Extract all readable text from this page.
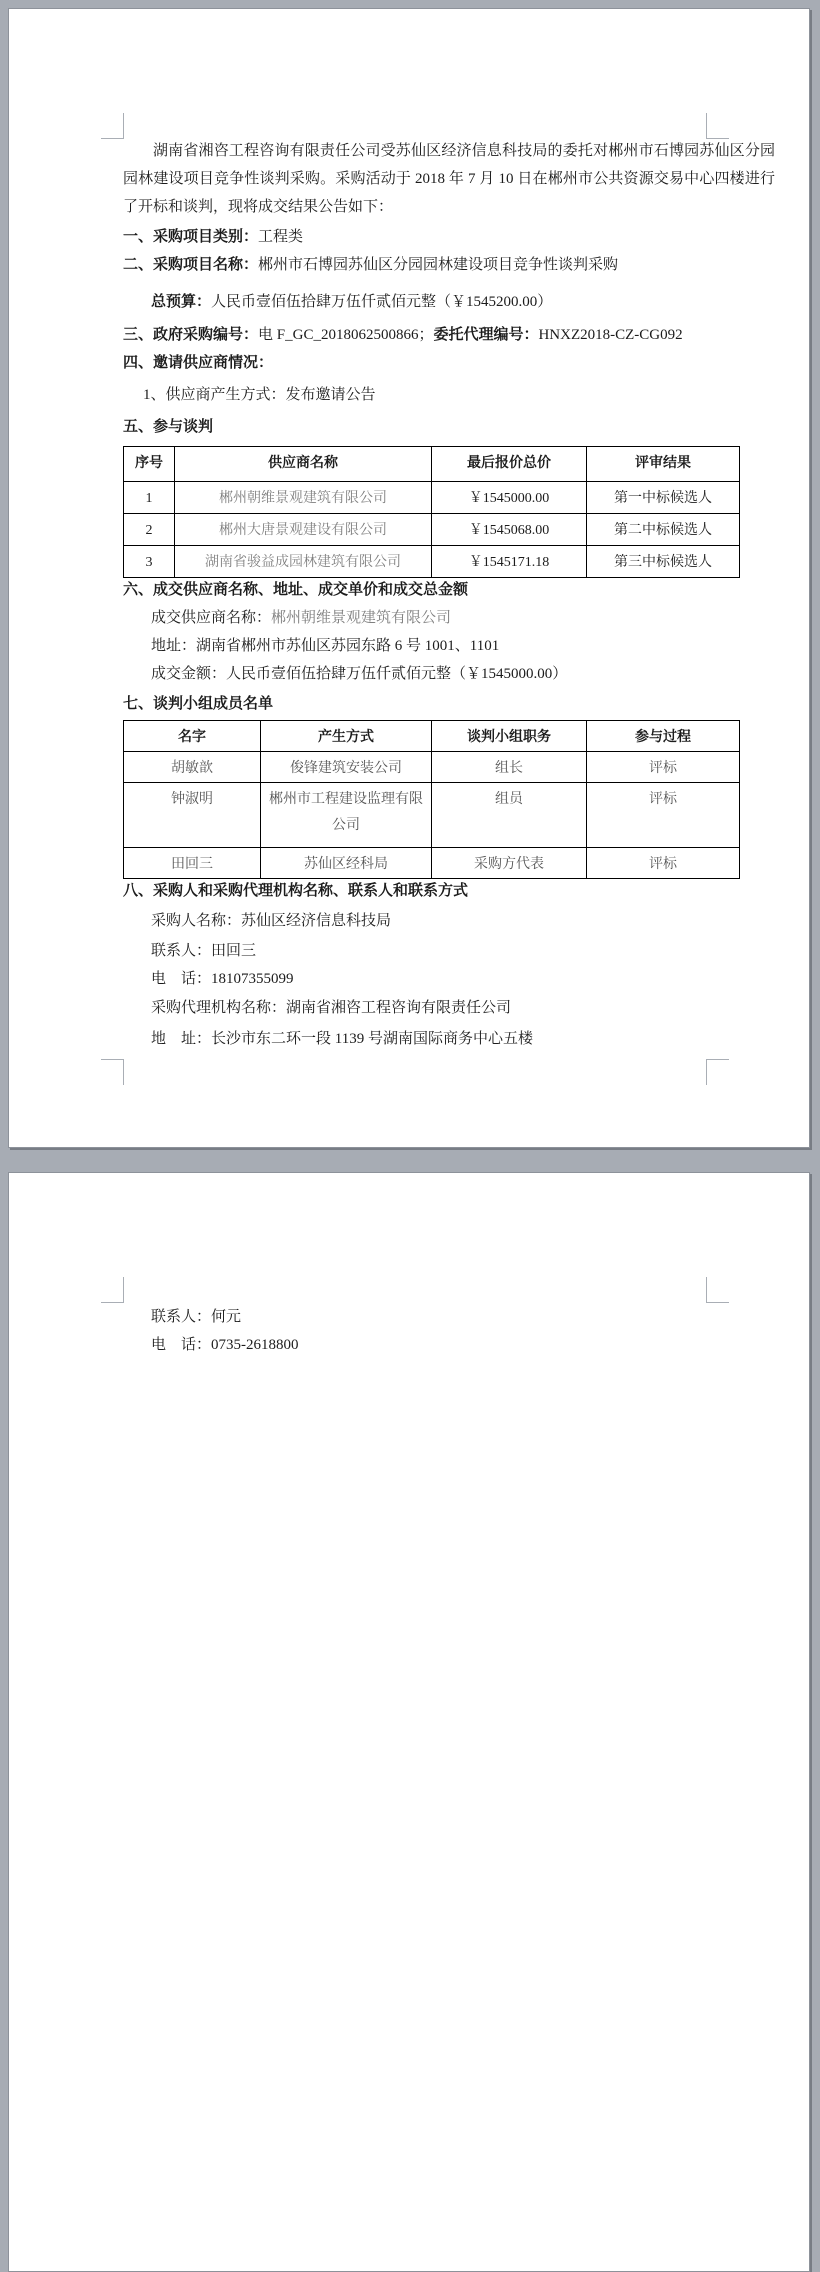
湖南省湘咨工程咨询有限责任公司受苏仙区经济信息科技局的委托对郴州市石博园苏仙区分园园林建设项目竞争性谈判采购。采购活动于 2018 年 7 月 10 日在郴州市公共资源交易中心四楼进行了开标和谈判，现将成交结果公告如下：

一、采购项目类别：工程类
二、采购项目名称：郴州市石博园苏仙区分园园林建设项目竞争性谈判采购
总预算：人民币壹佰伍拾肆万伍仟贰佰元整（￥1545200.00）
三、政府采购编号：电 F_GC_2018062500866；委托代理编号：HNXZ2018-CZ-CG092
四、邀请供应商情况：
1、供应商产生方式：发布邀请公告
五、参与谈判
序号	供应商名称	最后报价总价	评审结果
1	郴州朝维景观建筑有限公司	￥1545000.00	第一中标候选人
2	郴州大唐景观建设有限公司	￥1545068.00	第二中标候选人
3	湖南省骏益成园林建筑有限公司	￥1545171.18	第三中标候选人
六、成交供应商名称、地址、成交单价和成交总金额
成交供应商名称：郴州朝维景观建筑有限公司
地址：湖南省郴州市苏仙区苏园东路 6 号 1001、1101
成交金额：人民币壹佰伍拾肆万伍仟贰佰元整（￥1545000.00）
七、谈判小组成员名单
名字	产生方式	谈判小组职务	参与过程
胡敏歆	俊锋建筑安装公司	组长	评标
钟淑明	郴州市工程建设监理有限公司	组员	评标
田回三	苏仙区经科局	采购方代表	评标
八、采购人和采购代理机构名称、联系人和联系方式
采购人名称：苏仙区经济信息科技局
联系人：田回三
电　话：18107355099
采购代理机构名称：湖南省湘咨工程咨询有限责任公司
地　址：长沙市东二环一段 1139 号湖南国际商务中心五楼
联系人：何元
电　话：0735-2618800
